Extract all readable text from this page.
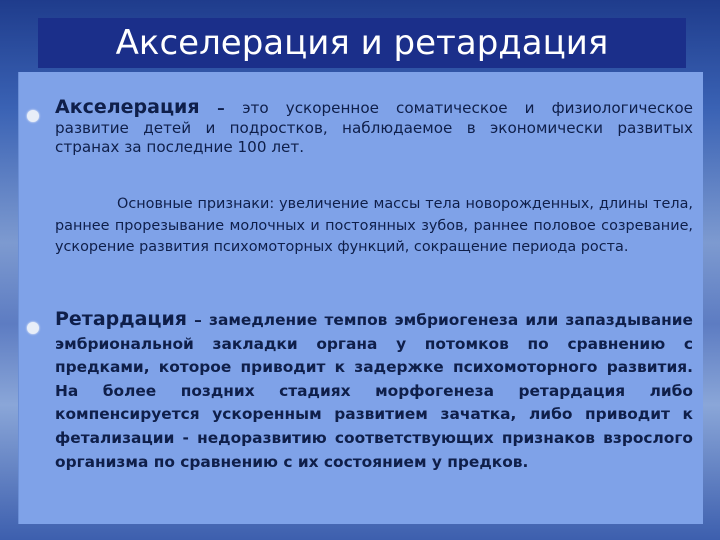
Акселерация и ретардация
Акселерация – это ускоренное соматическое и физиологическое развитие детей и подростков, наблюдаемое в экономически развитых странах за последние 100 лет.
Основные признаки: увеличение массы тела новорожденных, длины тела, раннее прорезывание молочных и постоянных зубов, раннее половое созревание, ускорение развития психомоторных функций, сокращение периода роста.
Ретардация – замедление темпов эмбриогенеза или запаздывание эмбриональной закладки органа у потомков по сравнению с предками, которое приводит к задержке психомоторного развития. На более поздних стадиях морфогенеза ретардация либо компенсируется ускоренным развитием зачатка, либо приводит к фетализации - недоразвитию соответствующих признаков взрослого организма по сравнению с их состоянием у предков.
